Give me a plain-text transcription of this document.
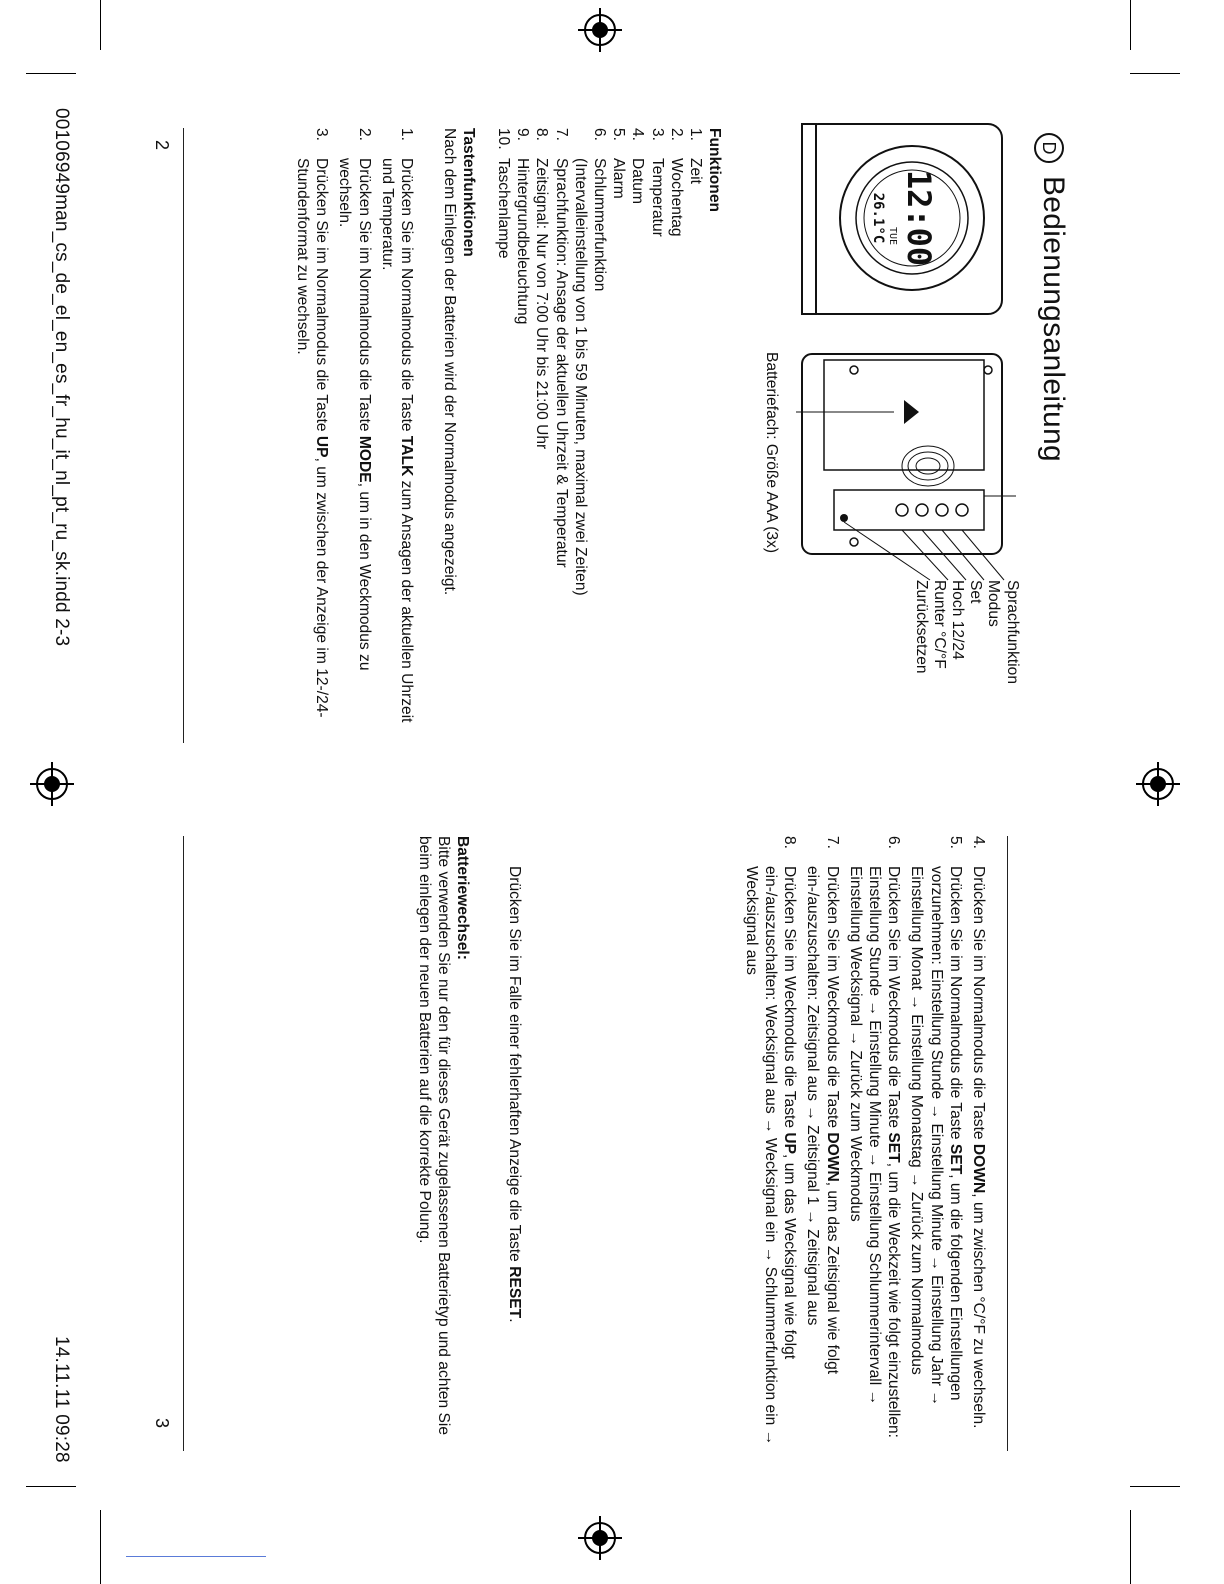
D
Bedienungsanleitung
12:00
TUE
26.1°C
Sprachfunktion
Modus
Set
Hoch 12/24
Runter °C/°F
Zurücksetzen
Batteriefach: Größe AAA (3x)
Funktionen
1.
Zeit
2.
Wochentag
3.
Temperatur
4.
Datum
5.
Alarm
6.
Schlummerfunktion
(Intervalleinstellung von 1 bis 59 Minuten, maximal zwei Zeiten)
7.
Sprachfunktion: Ansage der aktuellen Uhrzeit & Temperatur
8.
Zeitsignal: Nur von 7:00 Uhr bis 21:00 Uhr
9.
Hintergrundbeleuchtung
10.
Taschenlampe
Tastenfunktionen
Nach dem Einlegen der Batterien wird der Normalmodus angezeigt.
1.
Drücken Sie im Normalmodus die Taste TALK zum Ansagen der aktuellen Uhrzeit und Temperatur.
2.
Drücken Sie im Normalmodus die Taste MODE, um in den Weckmodus zu wechseln.
3.
Drücken Sie im Normalmodus die Taste UP, um zwischen der Anzeige im 12-/24-Stundenformat zu wechseln.
2
4.
Drücken Sie im Normalmodus die Taste DOWN, um zwischen °C/°F zu wechseln.
5.
Drücken Sie im Normalmodus die Taste SET, um die folgenden Einstellungen vorzunehmen: Einstellung Stunde → Einstellung Minute → Einstellung Jahr → Einstellung Monat → Einstellung Monatstag → Zurück zum Normalmodus
6.
Drücken Sie im Weckmodus die Taste SET, um die Weckzeit wie folgt einzustellen: Einstellung Stunde → Einstellung Minute → Einstellung Schlummerintervall → Einstellung Wecksignal → Zurück zum Weckmodus
7.
Drücken Sie im Weckmodus die Taste DOWN, um das Zeitsignal wie folgt ein-/auszuschalten: Zeitsignal aus → Zeitsignal 1 → Zeitsignal aus
8.
Drücken Sie im Weckmodus die Taste UP, um das Wecksignal wie folgt ein-/auszuschalten: Wecksignal aus → Wecksignal ein → Schlummerfunktion ein → Wecksignal aus
Drücken Sie im Falle einer fehlerhaften Anzeige die Taste RESET.
Batteriewechsel:
Bitte verwenden Sie nur den für dieses Gerät zugelassenen Batterietyp und achten Sie beim einlegen der neuen Batterien auf die korrekte Polung.
3
00106949man_cs_de_el_en_es_fr_hu_it_nl_pt_ru_sk.indd 2-3
14.11.11 09:28
